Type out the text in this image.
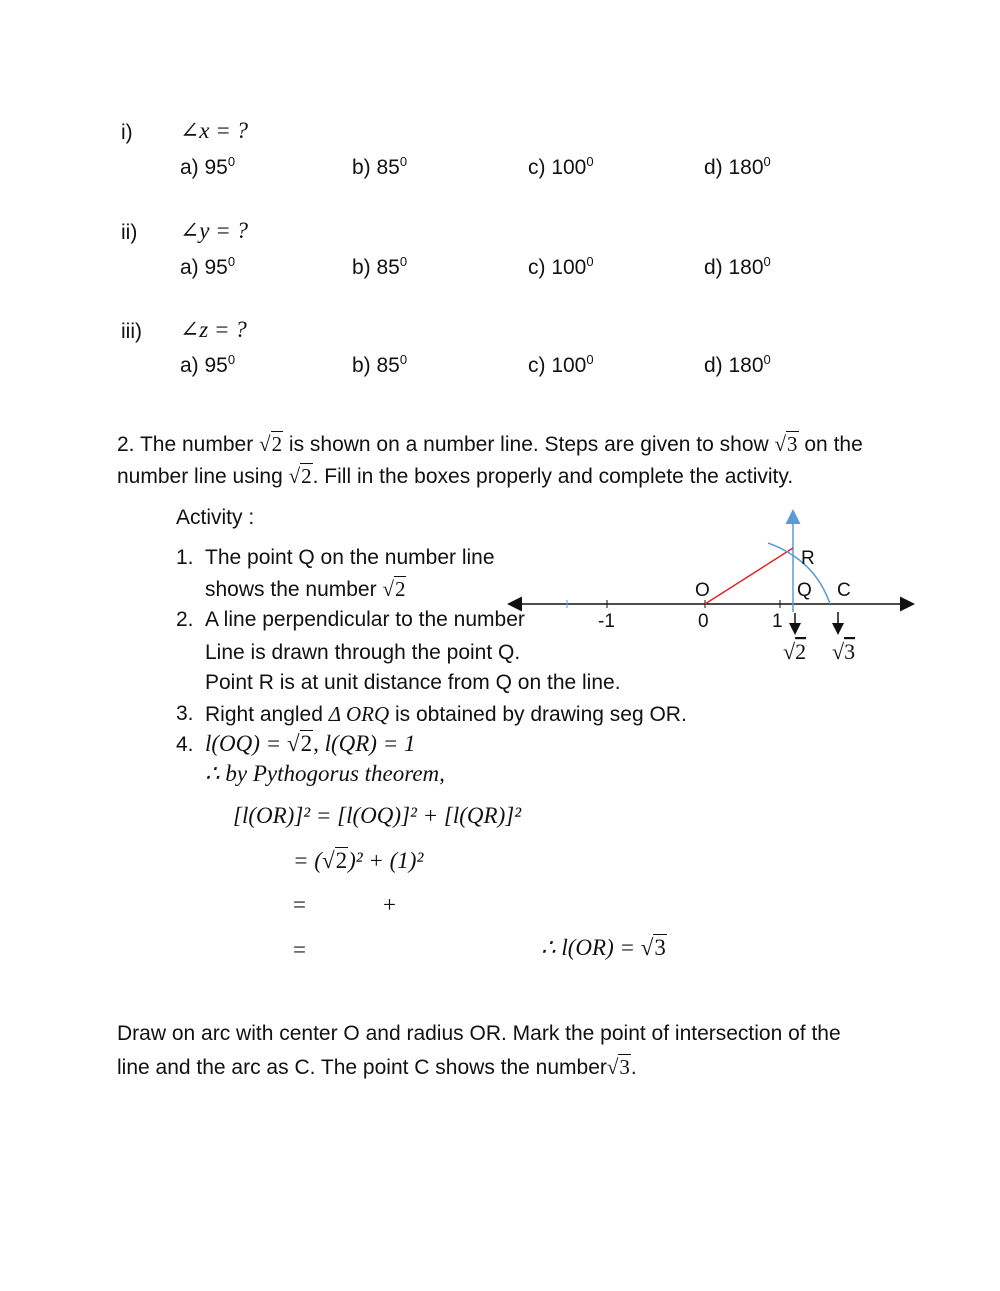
i) ∠x = ?
a) $95^0$	b) $85^0$	c) $100^0$	d) $180^0$
ii) ∠y = ?
a) $95^0$	b) $85^0$	c) $100^0$	d) $180^0$
iii) ∠z = ?
a) $95^0$	b) $85^0$	c) $100^0$	d) $180^0$
2. The number √2 is shown on a number line. Steps are given to show √3 on the
number line using √2. Fill in the boxes properly and complete the activity.
Activity :
1. The point Q on the number line
shows the number √2
2. A line perpendicular to the number
Line is drawn through the point Q.
Point R is at unit distance from Q on the line.
3. Right angled Δ ORQ is obtained by drawing seg OR.
4. l(OQ) = √2, l(QR) = 1
∴ by Pythogorus theorem,
[l(OR)]² = [l(OQ)]² + [l(QR)]²
= (√2)² + (1)²
=	+
=	∴ l(OR) = √3
Draw on arc with center O and radius OR. Mark the point of intersection of the
line and the arc as C. The point C shows the number√3.
O	Q C
R
-1	0	1
√2 √3
